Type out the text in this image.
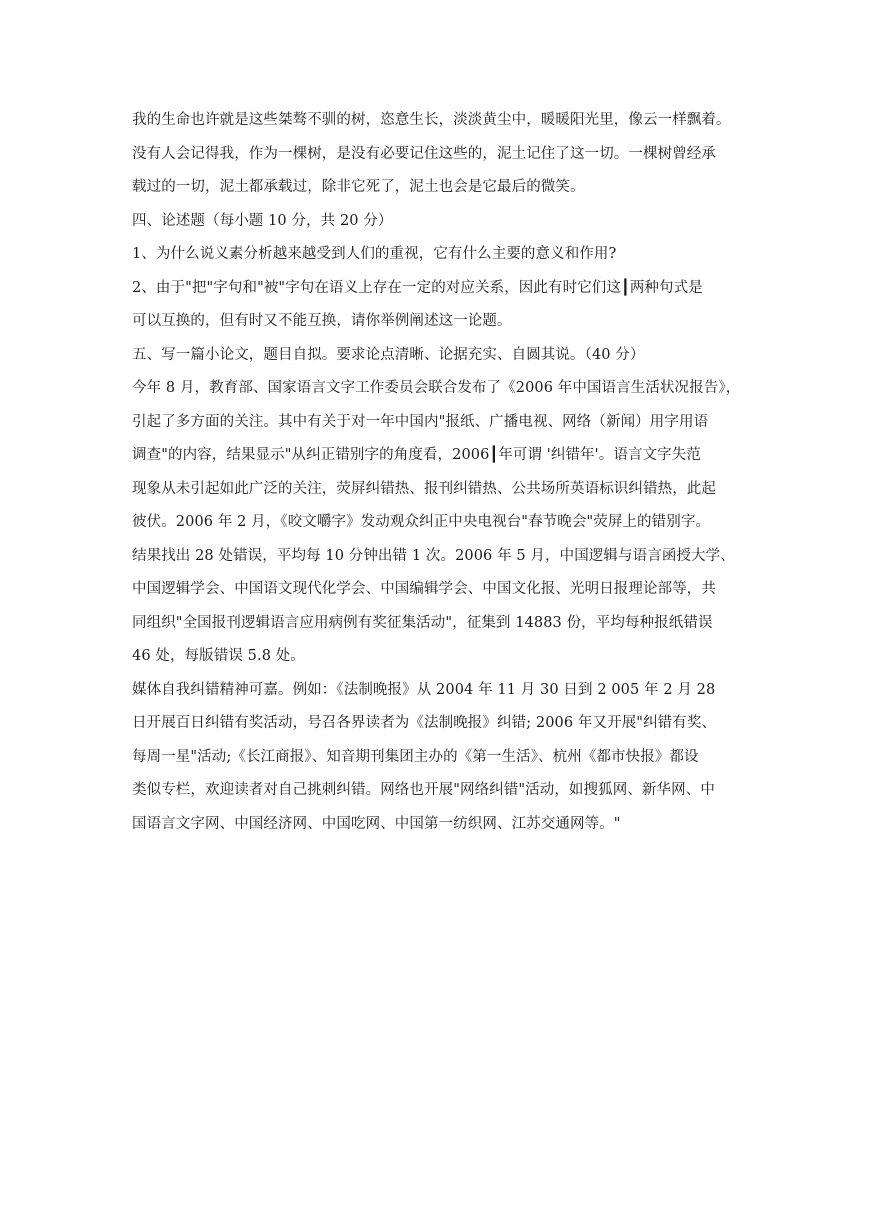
我的生命也许就是这些桀骜不驯的树，恣意生长，淡淡黄尘中，暖暖阳光里，像云一样飘着。
没有人会记得我，作为一棵树，是没有必要记住这些的，泥土记住了这一切。一棵树曾经承
载过的一切，泥土都承载过，除非它死了，泥土也会是它最后的微笑。
四、论述题（每小题 10 分，共 20 分）
1、为什么说义素分析越来越受到人们的重视，它有什么主要的意义和作用?
2、由于"把"字句和"被"字句在语义上存在一定的对应关系，因此有时它们这┃两种句式是
可以互换的，但有时又不能互换，请你举例阐述这一论题。
五、写一篇小论文，题目自拟。要求论点清晰、论据充实、自圆其说。（40 分）
今年 8 月，教育部、国家语言文字工作委员会联合发布了《2006 年中国语言生活状况报告》，
引起了多方面的关注。其中有关于对一年中国内"报纸、广播电视、网络（新闻）用字用语
调查"的内容，结果显示"从纠正错别字的角度看，2006┃年可谓 '纠错年'。语言文字失范
现象从未引起如此广泛的关注，荧屏纠错热、报刊纠错热、公共场所英语标识纠错热，此起
彼伏。2006 年 2 月，《咬文嚼字》发动观众纠正中央电视台"春节晚会"荧屏上的错别字。
结果找出 28 处错误，平均每 10 分钟出错 1 次。2006 年 5 月，中国逻辑与语言函授大学、
中国逻辑学会、中国语文现代化学会、中国编辑学会、中国文化报、光明日报理论部等，共
同组织"全国报刊逻辑语言应用病例有奖征集活动"，征集到 14883 份，平均每种报纸错误
46 处，每版错误 5.8 处。
媒体自我纠错精神可嘉。例如：《法制晚报》从 2004 年 11 月 30 日到 2 005 年 2 月 28
日开展百日纠错有奖活动，号召各界读者为《法制晚报》纠错; 2006 年又开展"纠错有奖、
每周一星"活动;《长江商报》、知音期刊集团主办的《第一生活》、杭州《都市快报》都设
类似专栏，欢迎读者对自己挑刺纠错。网络也开展"网络纠错"活动，如搜狐网、新华网、中
国语言文字网、中国经济网、中国吃网、中国第一纺织网、江苏交通网等。"
